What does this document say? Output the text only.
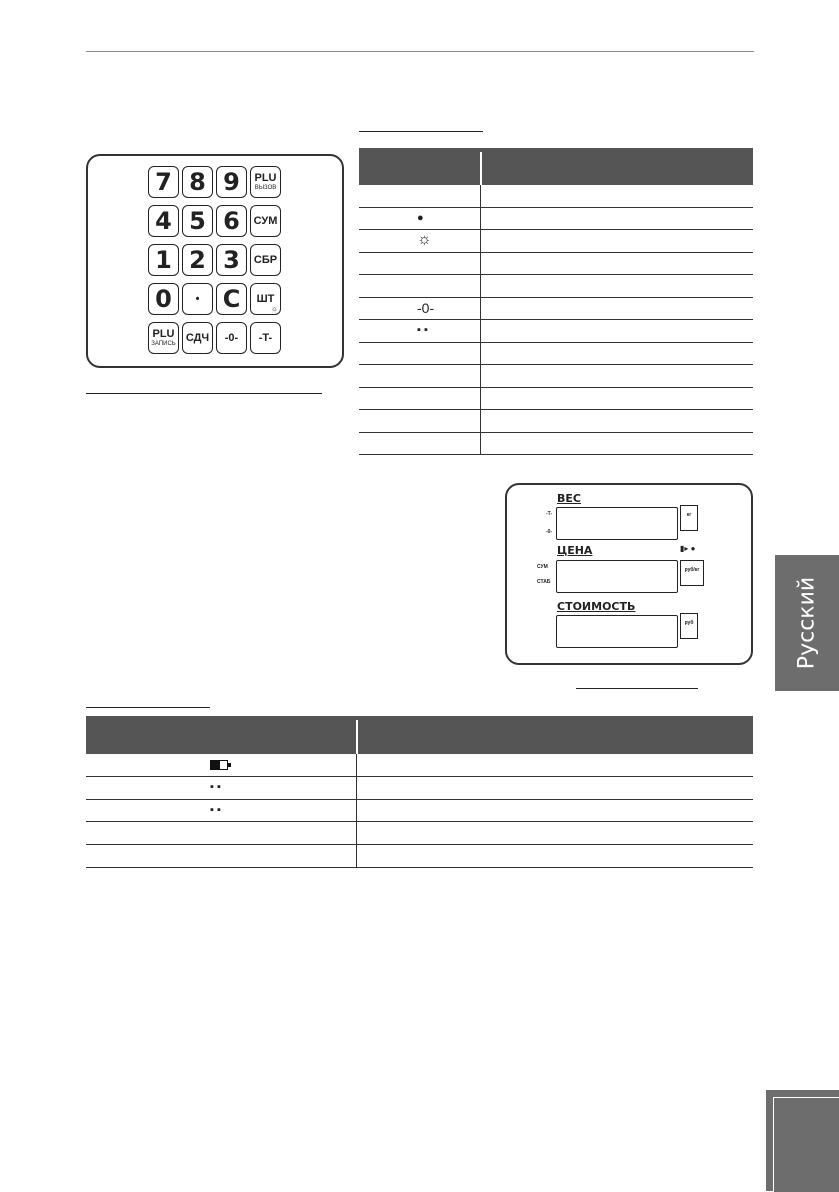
7 8 9 PLU
ВЫЗОВ
4 5 6 СУМ
1 2 3 СБР
0 • C ШТ
☼
PLU
ЗАПИСЬ
СДЧ -0- -T-
●
☼
-0-
▪ ▪
ВЕС
-T-
-0-
кг
▮▸ ●
ЦЕНА
СУМ
СТАБ
руб/кг
СТОИМОСТЬ
руб
▪ ▪
▪ ▪
Русский
